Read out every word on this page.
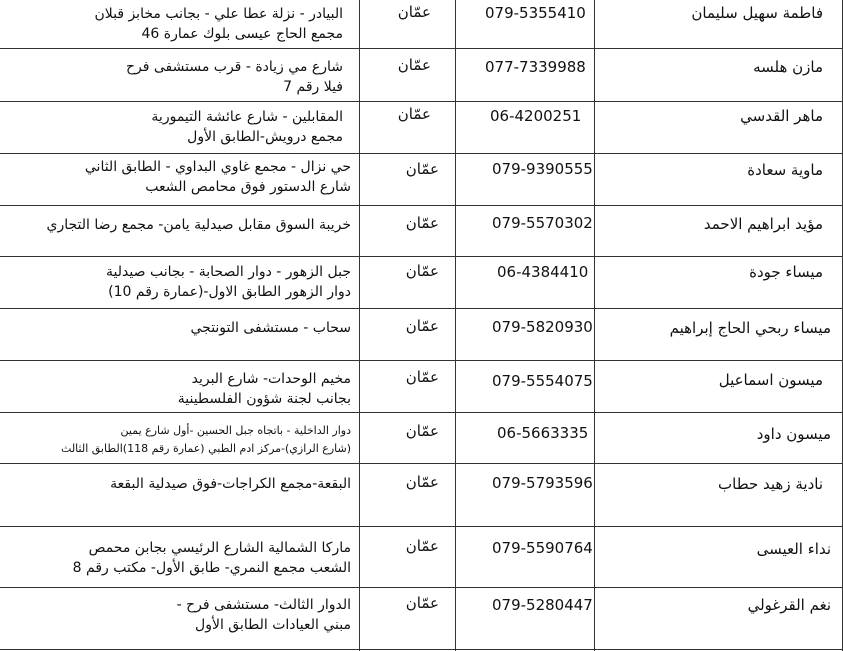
فاطمة سهيل سليمان
079-5355410
عمّان
البيادر - نزلة عطا علي - بجانب مخابز قبلان
مجمع الحاج عيسى بلوك عمارة 46
مازن هلسه
077-7339988
عمّان
شارع مي زيادة - قرب مستشفى فرح
فيلا رقم 7
ماهر القدسي
06-4200251
عمّان
المقابلين - شارع عائشة التيمورية
مجمع درويش-الطابق الأول
ماوية سعادة
079-9390555
عمّان
حي نزال - مجمع غاوي البداوي - الطابق الثاني
شارع الدستور فوق محامص الشعب
مؤيد ابراهيم الاحمد
079-5570302
عمّان
خريبة السوق مقابل صيدلية يامن- مجمع رضا التجاري
ميساء جودة
06-4384410
عمّان
جبل الزهور - دوار الصحابة - بجانب صيدلية
دوار الزهور الطابق الاول-(عمارة رقم 10)
ميساء ربحي الحاج إبراهيم
079-5820930
عمّان
سحاب - مستشفى التونتجي
ميسون اسماعيل
079-5554075
عمّان
مخيم الوحدات- شارع البريد
بجانب لجنة شؤون الفلسطينية
ميسون داود
06-5663335
عمّان
دوار الداخلية - باتجاه جبل الحسين -أول شارع يمين
(شارع الرازي)-مركز ادم الطبي (عمارة رقم 118)الطابق الثالث
نادية زهيد حطاب
079-5793596
عمّان
البقعة-مجمع الكراجات-فوق صيدلية البقعة
نداء العيسى
079-5590764
عمّان
ماركا الشمالية الشارع الرئيسي بجابن محمص
الشعب مجمع النمري- طابق الأول- مكتب رقم 8
نغم القرغولي
079-5280447
عمّان
الدوار الثالث- مستشفى فرح -
مبني العيادات الطابق الأول
